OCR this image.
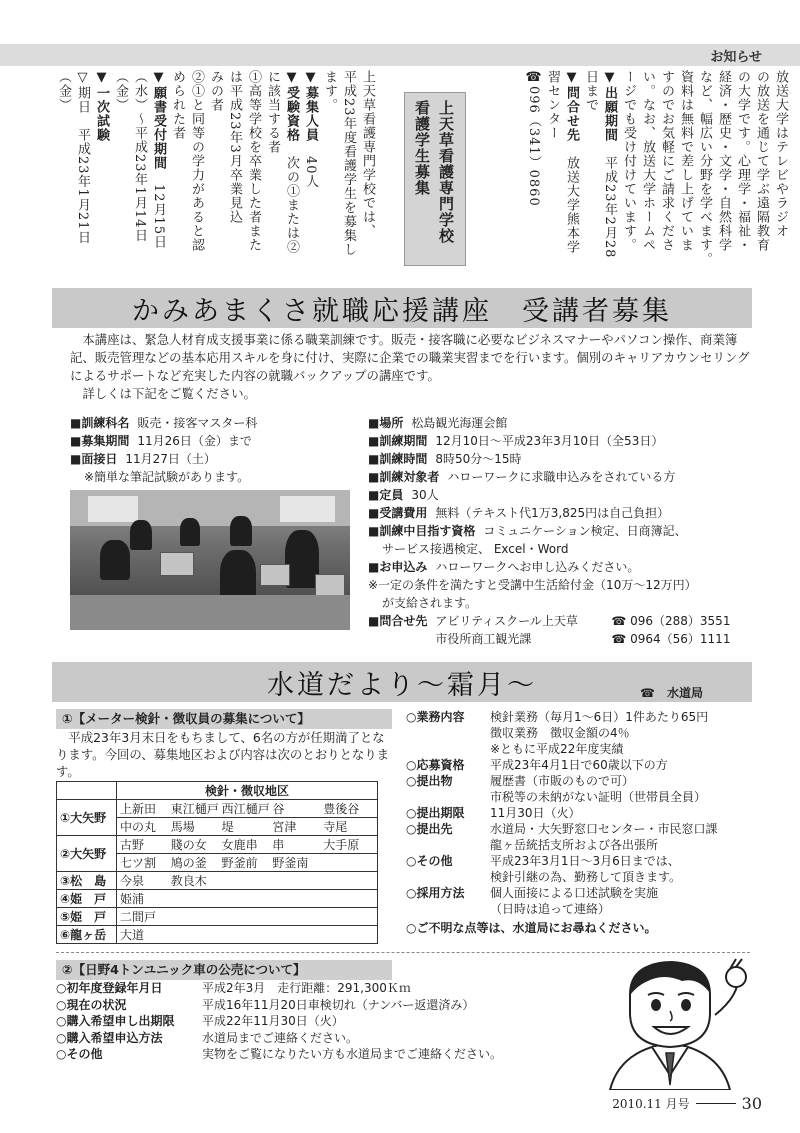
お知らせ
放送大学はテレビやラジオ
の放送を通じて学ぶ遠隔教育
の大学です。心理学・福祉・
経済・歴史・文学・自然科学
など、幅広い分野を学べます。
資料は無料で差し上げていま
すのでお気軽にご請求くださ
い。なお、放送大学ホームペ
ージでも受け付けています。
▼出願期間　平成23年2月28
日まで
▼問合せ先　放送大学熊本学
習センター
☎096（341）0860
上天草看護専門学校
看護学生募集
上天草看護専門学校では、
平成23年度看護学生を募集し
ます。
▼募集人員　40人
▼受験資格　次の①または②
に該当する者
①高等学校を卒業した者また
は平成23年3月卒業見込
みの者
②①と同等の学力があると認
められた者
▼願書受付期間　12月15日
（水）～平成23年1月14日
（金）
▼一次試験
▽期日　平成23年1月21日
（金）
かみあまくさ就職応援講座　受講者募集

本講座は、緊急人材育成支援事業に係る職業訓練です。販売・接客職に必要なビジネスマナーやパソコン操作、商業簿記、販売管理などの基本応用スキルを身に付け、実際に企業での職業実習までを行います。個別のキャリアカウンセリングによるサポートなど充実した内容の就職バックアップの講座です。

詳しくは下記をご覧ください。

■訓練科名 販売・接客マスター科
■募集期間 11月26日（金）まで
■面接日 11月27日（土）
※簡単な筆記試験があります。
■場所 松島観光海運会館
■訓練期間 12月10日～平成23年3月10日（全53日）
■訓練時間 8時50分～15時
■訓練対象者 ハローワークに求職申込みをされている方
■定員 30人
■受講費用 無料（テキスト代1万3,825円は自己負担）
■訓練中目指す資格 コミュニケーション検定、日商簿記、
サービス接遇検定、 Excel・Word
■お申込み ハローワークへお申し込みください。
※一定の条件を満たすと受講中生活給付金（10万～12万円）
が支給されます。
■問合せ先 アビリティスクール上天草	☎ 096（288）3551
市役所商工観光課	☎ 0964（56）1111
水道だより～霜月～	☎　水道局
①【メーター検針・徴収員の募集について】

平成23年3月末日をもちまして、6名の方が任期満了となります。今回の、募集地区および内容は次のとおりとなります。

	検針・徴収地区
①大矢野	上新田 東江樋戸 西江樋戸 谷 豊後谷

	中の丸 馬場 堤 宮津 寺尾

②大矢野	古野 賤の女 女鹿串 串 大手原

	七ツ割 鳩の釜 野釜前 野釜南

③松　島	今泉 教良木

④姫　戸	姫浦
⑤姫　戸	二間戸
⑥龍ヶ岳	大道
○業務内容	検針業務（毎月1～6日）1件あたり65円
徴収業務　徴収金額の4％
※ともに平成22年度実績
○応募資格	平成23年4月1日で60歳以下の方
○提出物	履歴書（市販のもので可）
市税等の未納がない証明（世帯員全員）
○提出期限	11月30日（火）
○提出先	水道局・大矢野窓口センター・市民窓口課
龍ヶ岳統括支所および各出張所
○その他	平成23年3月1日～3月6日までは、
検針引継の為、勤務して頂きます。
○採用方法	個人面接による口述試験を実施
（日時は追って連絡）
○ご不明な点等は、水道局にお尋ねください。
②【日野4トンユニック車の公売について】
○初年度登録年月日	平成2年3月　走行距離：291,300Ｋｍ
○現在の状況	平成16年11月20日車検切れ（ナンバー返還済み）
○購入希望申し出期限	平成22年11月30日（火）
○購入希望申込方法	水道局までご連絡ください。
○その他	実物をご覧になりたい方も水道局までご連絡ください。
2010.11 月号	30
